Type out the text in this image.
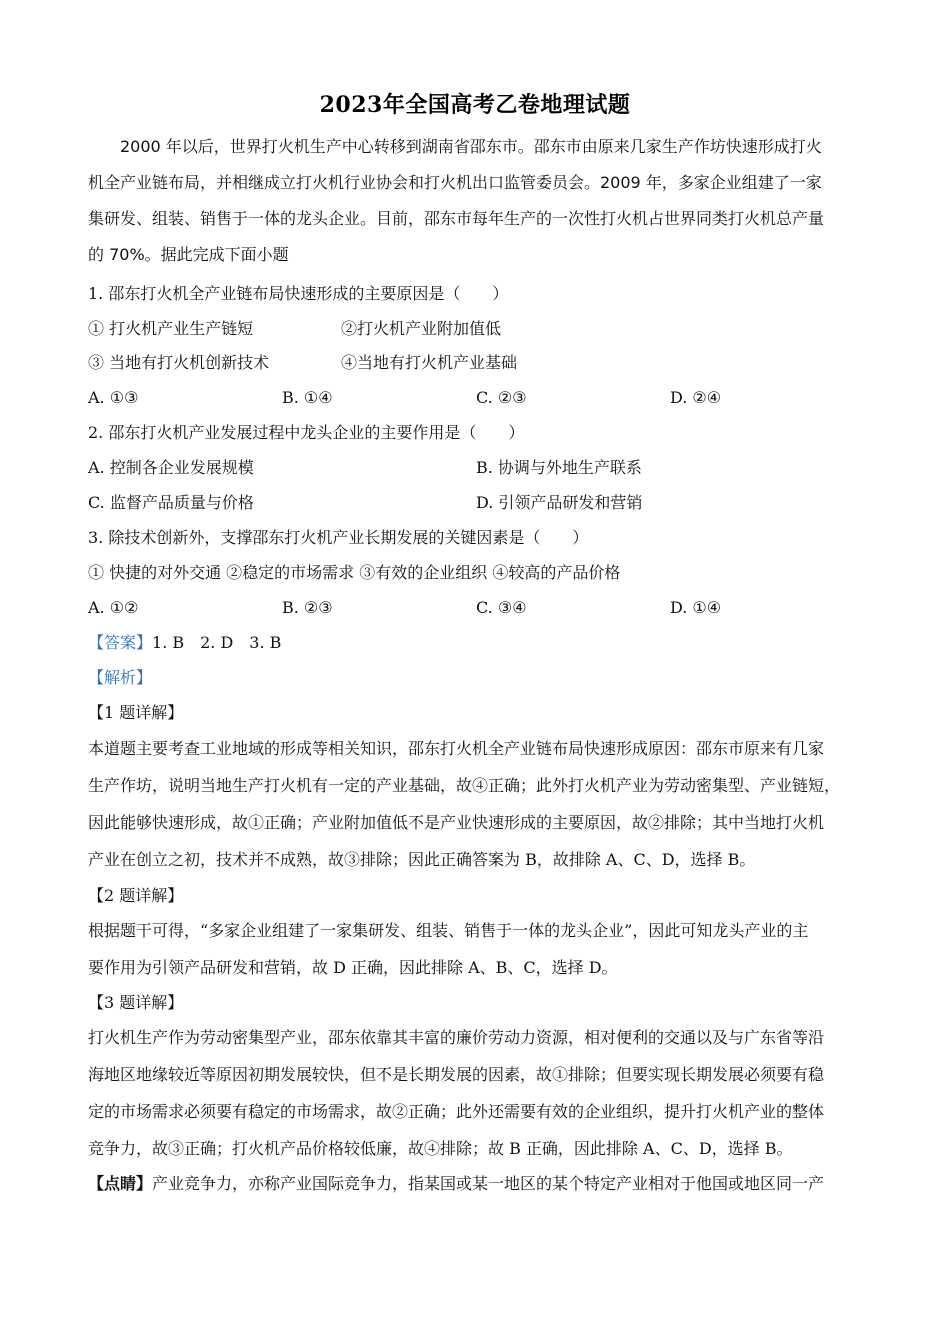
2023年全国高考乙卷地理试题
2000 年以后，世界打火机生产中心转移到湖南省邵东市。邵东市由原来几家生产作坊快速形成打火
机全产业链布局，并相继成立打火机行业协会和打火机出口监管委员会。2009 年，多家企业组建了一家
集研发、组装、销售于一体的龙头企业。目前，邵东市每年生产的一次性打火机占世界同类打火机总产量
的 70%。据此完成下面小题
1. 邵东打火机全产业链布局快速形成的主要原因是（　　）
① 打火机产业生产链短	②打火机产业附加值低
③ 当地有打火机创新技术	④当地有打火机产业基础
A. ①③	B. ①④	C. ②③	D. ②④
2. 邵东打火机产业发展过程中龙头企业的主要作用是（　　）
A. 控制各企业发展规模	B. 协调与外地生产联系
C. 监督产品质量与价格	D. 引领产品研发和营销
3. 除技术创新外，支撑邵东打火机产业长期发展的关键因素是（　　）
① 快捷的对外交通 ②稳定的市场需求 ③有效的企业组织 ④较高的产品价格
A. ①②	B. ②③	C. ③④	D. ①④
【答案】1. B　2. D　3. B
【解析】
【1 题详解】
本道题主要考查工业地域的形成等相关知识，邵东打火机全产业链布局快速形成原因：邵东市原来有几家
生产作坊，说明当地生产打火机有一定的产业基础，故④正确；此外打火机产业为劳动密集型、产业链短，
因此能够快速形成，故①正确；产业附加值低不是产业快速形成的主要原因，故②排除；其中当地打火机
产业在创立之初，技术并不成熟，故③排除；因此正确答案为 B，故排除 A、C、D，选择 B。
【2 题详解】
根据题干可得，“多家企业组建了一家集研发、组装、销售于一体的龙头企业”，因此可知龙头产业的主
要作用为引领产品研发和营销，故 D 正确，因此排除 A、B、C，选择 D。
【3 题详解】
打火机生产作为劳动密集型产业，邵东依靠其丰富的廉价劳动力资源，相对便利的交通以及与广东省等沿
海地区地缘较近等原因初期发展较快，但不是长期发展的因素，故①排除；但要实现长期发展必须要有稳
定的市场需求必须要有稳定的市场需求，故②正确；此外还需要有效的企业组织，提升打火机产业的整体
竞争力，故③正确；打火机产品价格较低廉，故④排除；故 B 正确，因此排除 A、C、D，选择 B。
【点睛】产业竞争力，亦称产业国际竞争力，指某国或某一地区的某个特定产业相对于他国或地区同一产
